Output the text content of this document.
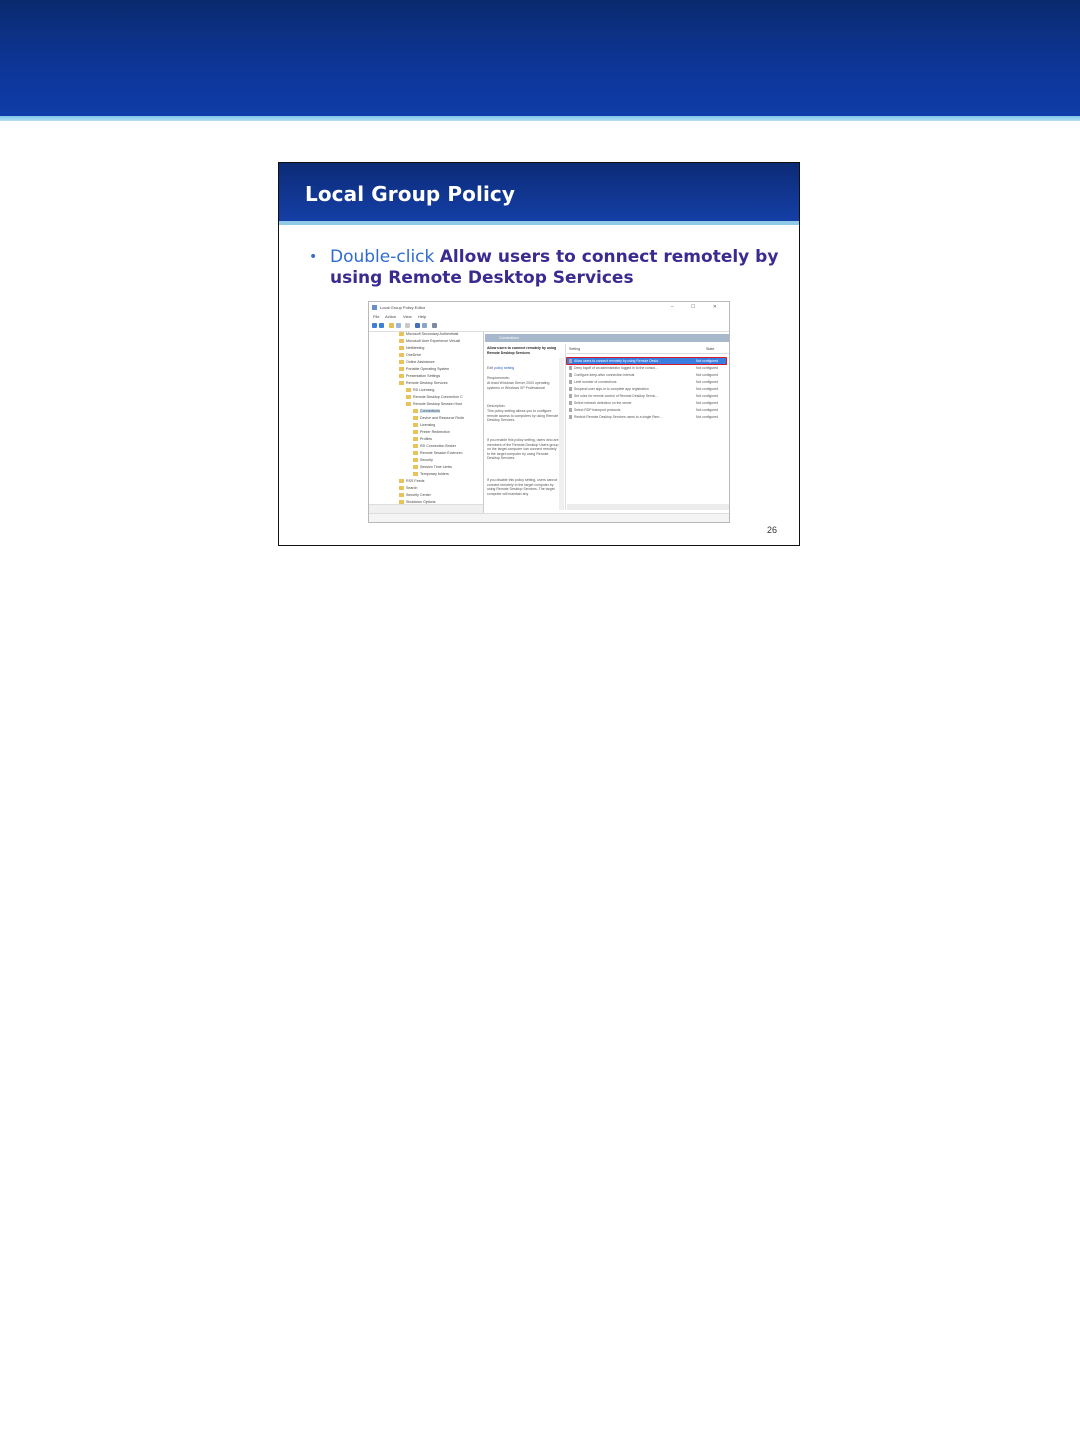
Local Group Policy
• Double-click Allow users to connect remotely by using Remote Desktop Services
Local Group Policy Editor	– ☐ ✕
File Action View Help
Microsoft Secondary Authenticati
Microsoft User Experience Virtuali
NetMeeting
OneDrive
Online Assistance
Portable Operating System
Presentation Settings
Remote Desktop Services
RD Licensing
Remote Desktop Connection C
Remote Desktop Session Host
Connections
Device and Resource Redir
Licensing
Printer Redirection
Profiles
RD Connection Broker
Remote Session Environm
Security
Session Time Limits
Temporary folders
RSS Feeds
Search
Security Center
Shutdown Options
Connections

Allow users to connect remotely by using Remote Desktop Services

Edit policy setting

Requirements:

At least Windows Server 2003 operating systems or Windows XP Professional

Description:

This policy setting allows you to configure remote access to computers by using Remote Desktop Services.

If you enable this policy setting, users who are members of the Remote Desktop Users group on the target computer can connect remotely to the target computer by using Remote Desktop Services.

If you disable this policy setting, users cannot connect remotely to the target computer by using Remote Desktop Services. The target computer will maintain any

Setting	State
Allow users to connect remotely by using Remote Deskt...	Not configured
Deny logoff of an administrator logged in to the consol...	Not configured
Configure keep-alive connection interval	Not configured
Limit number of connections	Not configured
Suspend user sign-in to complete app registration	Not configured
Set rules for remote control of Remote Desktop Servic...	Not configured
Select network detection on the server	Not configured
Select RDP transport protocols	Not configured
Restrict Remote Desktop Services users to a single Rem...	Not configured
26
